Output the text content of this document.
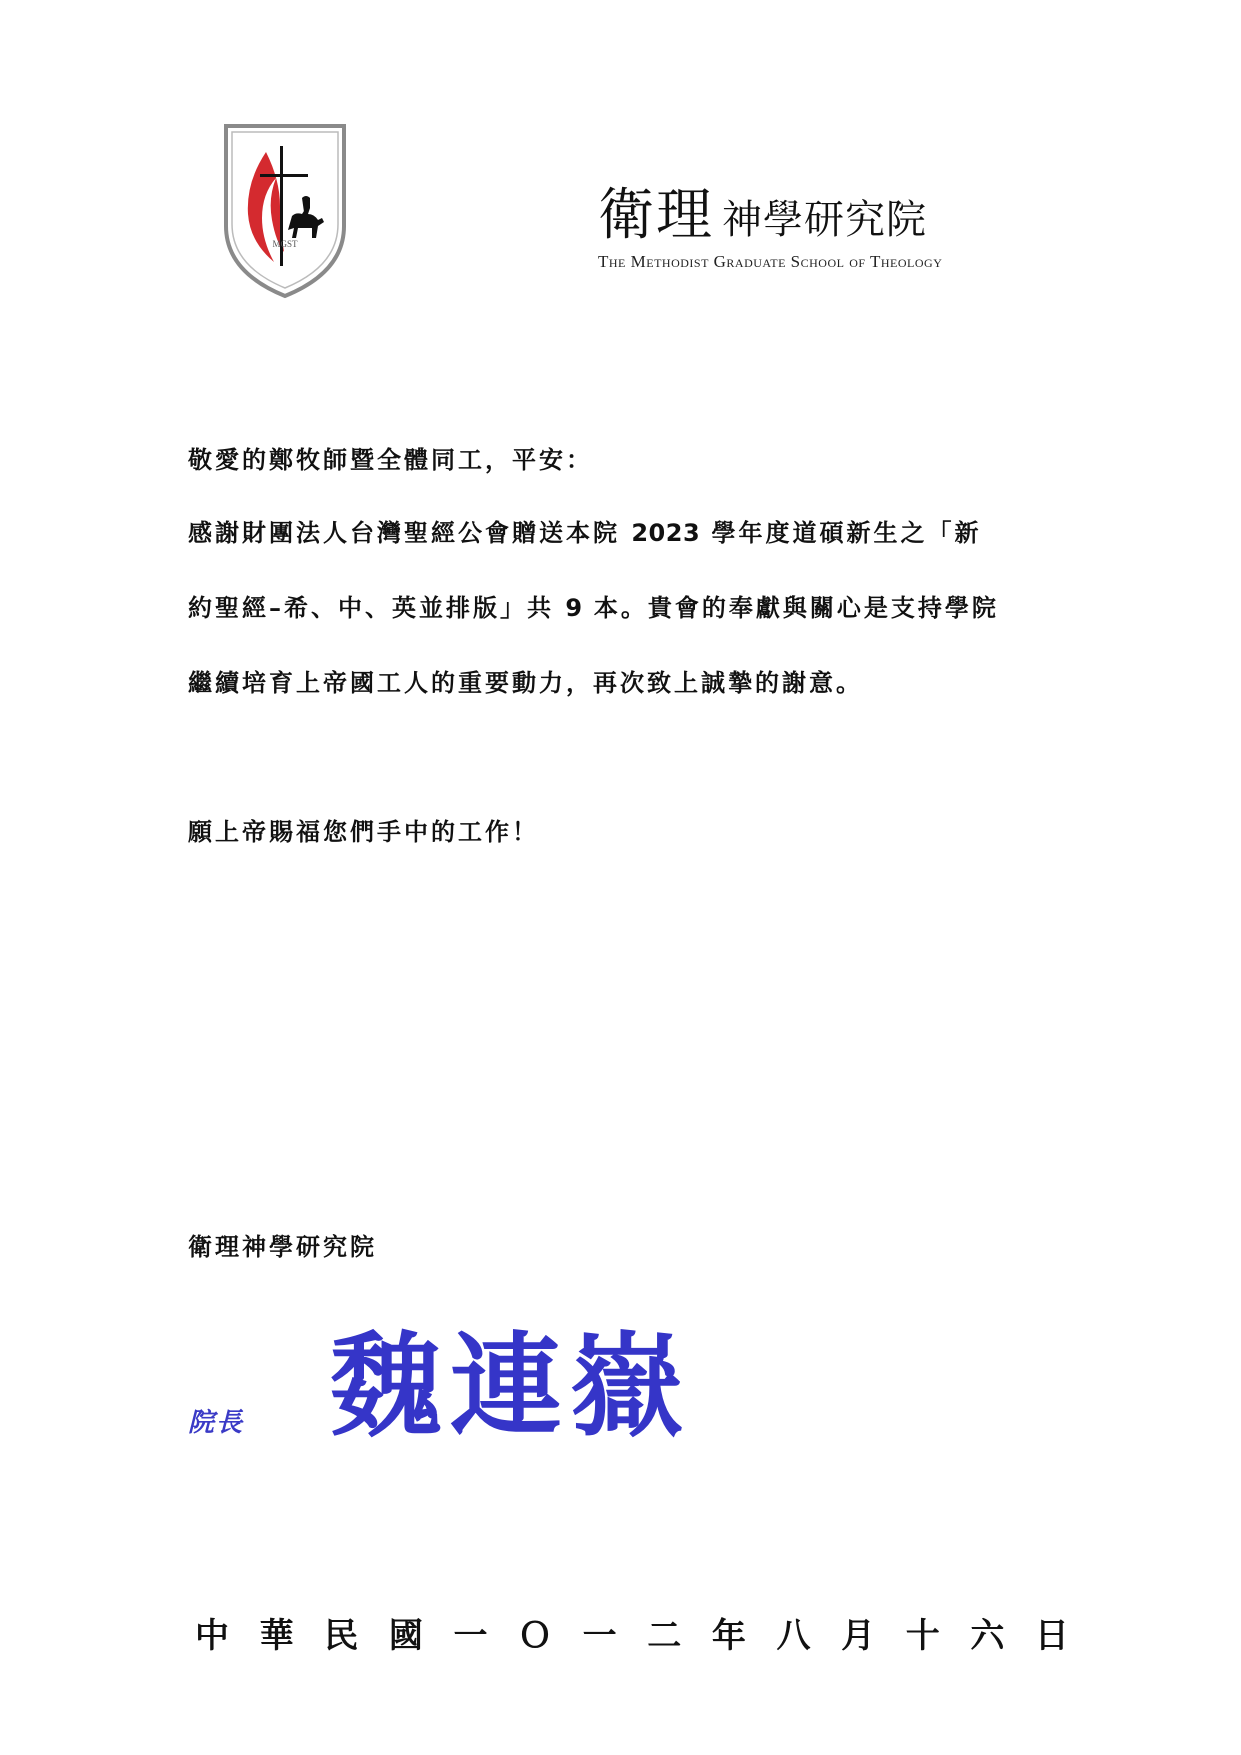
MGST	衛理 神學研究院
The Methodist Graduate School of Theology
敬愛的鄭牧師暨全體同工，平安：
感謝財團法人台灣聖經公會贈送本院 2023 學年度道碩新生之「新
約聖經–希、中、英並排版」共 9 本。貴會的奉獻與關心是支持學院
繼續培育上帝國工人的重要動力，再次致上誠摯的謝意。
願上帝賜福您們手中的工作！
衛理神學研究院
院長 魏連嶽
中 華 民 國 一 Ｏ 一 二 年 八 月 十 六 日
